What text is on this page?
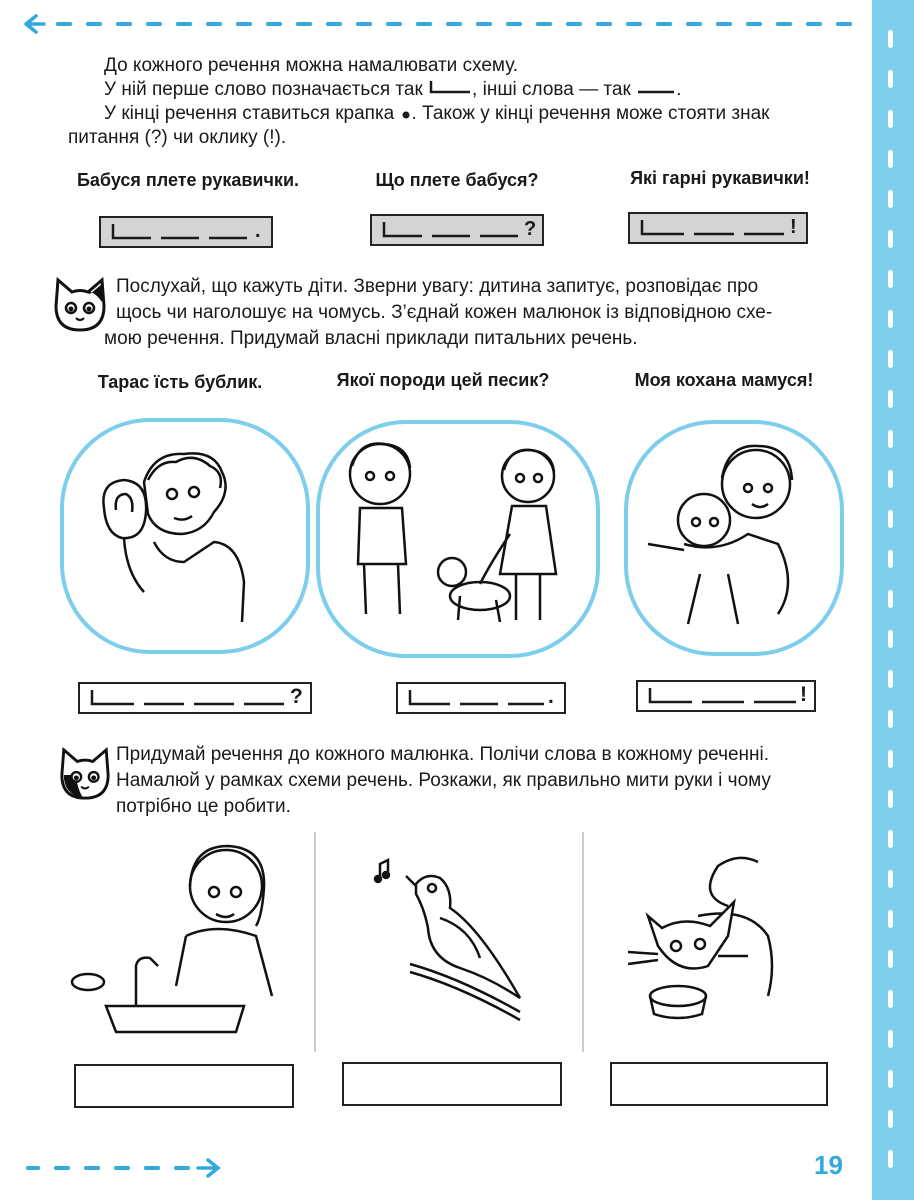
До кожного речення можна намалювати схему.

У ній перше слово позначається так	, інші слова — так .

У кінці речення ставиться крапка . Також у кінці речення може стояти знак

питання (?) чи оклику (!).

Бабуся плете рукавички.	Що плете бабуся?	Які гарні рукавички!
.	?	!
Послухай, що кажуть діти. Зверни увагу: дитина запитує, розповідає про
щось чи наголошує на чомусь. З’єднай кожен малюнок із відповідною схе-
мою речення. Придумай власні приклади питальних речень.
Тарас їсть бублик.	Якої породи цей песик?	Моя кохана мамуся!
?	.	!
Придумай речення до кожного малюнка. Полічи слова в кожному реченні.
Намалюй у рамках схеми речень. Розкажи, як правильно мити руки і чому
потрібно це робити.
19
